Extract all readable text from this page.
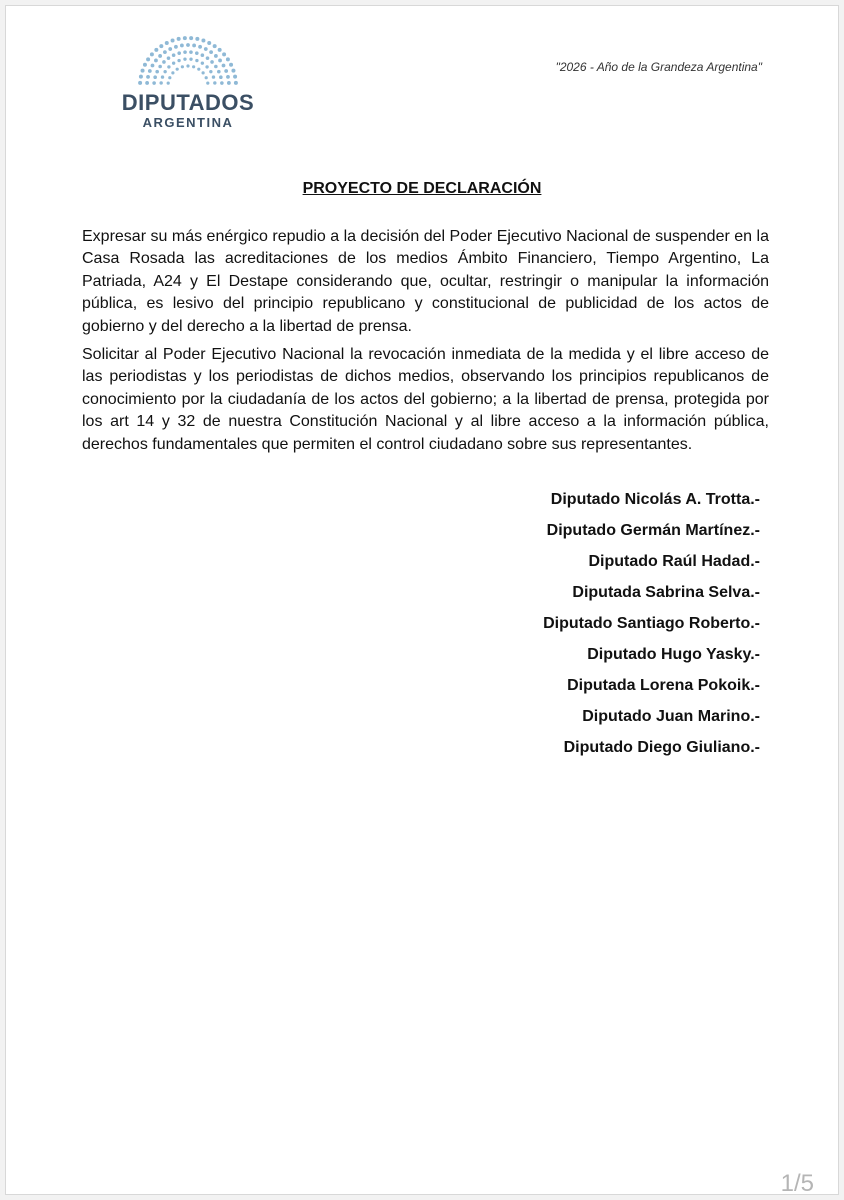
DIPUTADOS
ARGENTINA
"2026 - Año de la Grandeza Argentina"
PROYECTO DE DECLARACIÓN

Expresar su más enérgico repudio a la decisión del Poder Ejecutivo Nacional de suspender en la Casa Rosada las acreditaciones de los medios Ámbito Financiero, Tiempo Argentino, La Patriada, A24 y El Destape considerando que, ocultar, restringir o manipular la información pública, es lesivo del principio republicano y constitucional de publicidad de los actos de gobierno y del derecho a la libertad de prensa.

Solicitar al Poder Ejecutivo Nacional la revocación inmediata de la medida y el libre acceso de las periodistas y los periodistas de dichos medios, observando los principios republicanos de conocimiento por la ciudadanía de los actos del gobierno; a la libertad de prensa, protegida por los art 14 y 32 de nuestra Constitución Nacional y al libre acceso a la información pública, derechos fundamentales que permiten el control ciudadano sobre sus representantes.

Diputado Nicolás A. Trotta.-
Diputado Germán Martínez.-
Diputado Raúl Hadad.-
Diputada Sabrina Selva.-
Diputado Santiago Roberto.-
Diputado Hugo Yasky.-
Diputada Lorena Pokoik.-
Diputado Juan Marino.-
Diputado Diego Giuliano.-
1/5
